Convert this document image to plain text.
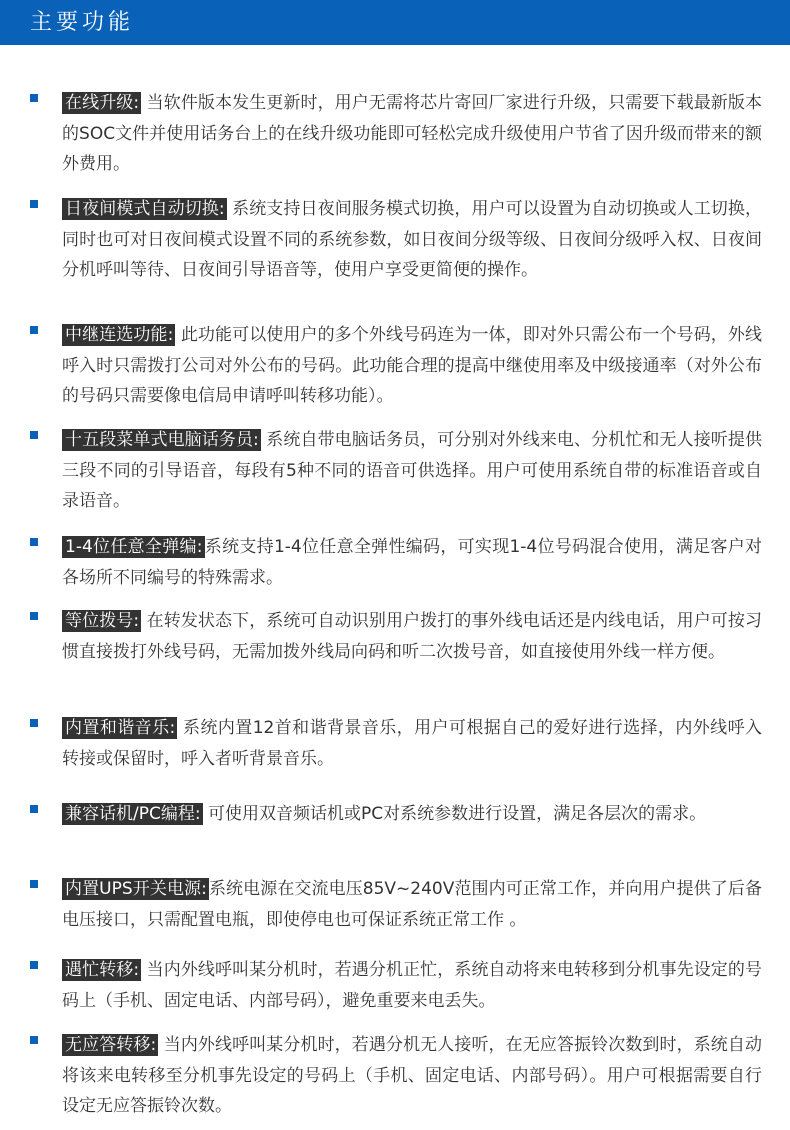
主要功能
在线升级: 当软件版本发生更新时，用户无需将芯片寄回厂家进行升级，只需要下载最新版本的SOC文件并使用话务台上的在线升级功能即可轻松完成升级使用户节省了因升级而带来的额外费用。
日夜间模式自动切换: 系统支持日夜间服务模式切换，用户可以设置为自动切换或人工切换，同时也可对日夜间模式设置不同的系统参数，如日夜间分级等级、日夜间分级呼入权、日夜间分机呼叫等待、日夜间引导语音等，使用户享受更简便的操作。
中继连选功能: 此功能可以使用户的多个外线号码连为一体，即对外只需公布一个号码，外线呼入时只需拨打公司对外公布的号码。此功能合理的提高中继使用率及中级接通率（对外公布的号码只需要像电信局申请呼叫转移功能）。
十五段菜单式电脑话务员: 系统自带电脑话务员，可分别对外线来电、分机忙和无人接听提供三段不同的引导语音，每段有5种不同的语音可供选择。用户可使用系统自带的标准语音或自录语音。
1-4位任意全弹编: 系统支持1-4位任意全弹性编码，可实现1-4位号码混合使用，满足客户对各场所不同编号的特殊需求。
等位拨号: 在转发状态下，系统可自动识别用户拨打的事外线电话还是内线电话，用户可按习惯直接拨打外线号码，无需加拨外线局向码和听二次拨号音，如直接使用外线一样方便。
内置和谐音乐: 系统内置12首和谐背景音乐，用户可根据自己的爱好进行选择，内外线呼入转接或保留时，呼入者听背景音乐。
兼容话机/PC编程: 可使用双音频话机或PC对系统参数进行设置，满足各层次的需求。
内置UPS开关电源: 系统电源在交流电压85V~240V范围内可正常工作，并向用户提供了后备电压接口，只需配置电瓶，即使停电也可保证系统正常工作 。
遇忙转移: 当内外线呼叫某分机时，若遇分机正忙，系统自动将来电转移到分机事先设定的号码上（手机、固定电话、内部号码），避免重要来电丢失。
无应答转移: 当内外线呼叫某分机时，若遇分机无人接听，在无应答振铃次数到时，系统自动将该来电转移至分机事先设定的号码上（手机、固定电话、内部号码）。用户可根据需要自行设定无应答振铃次数。
